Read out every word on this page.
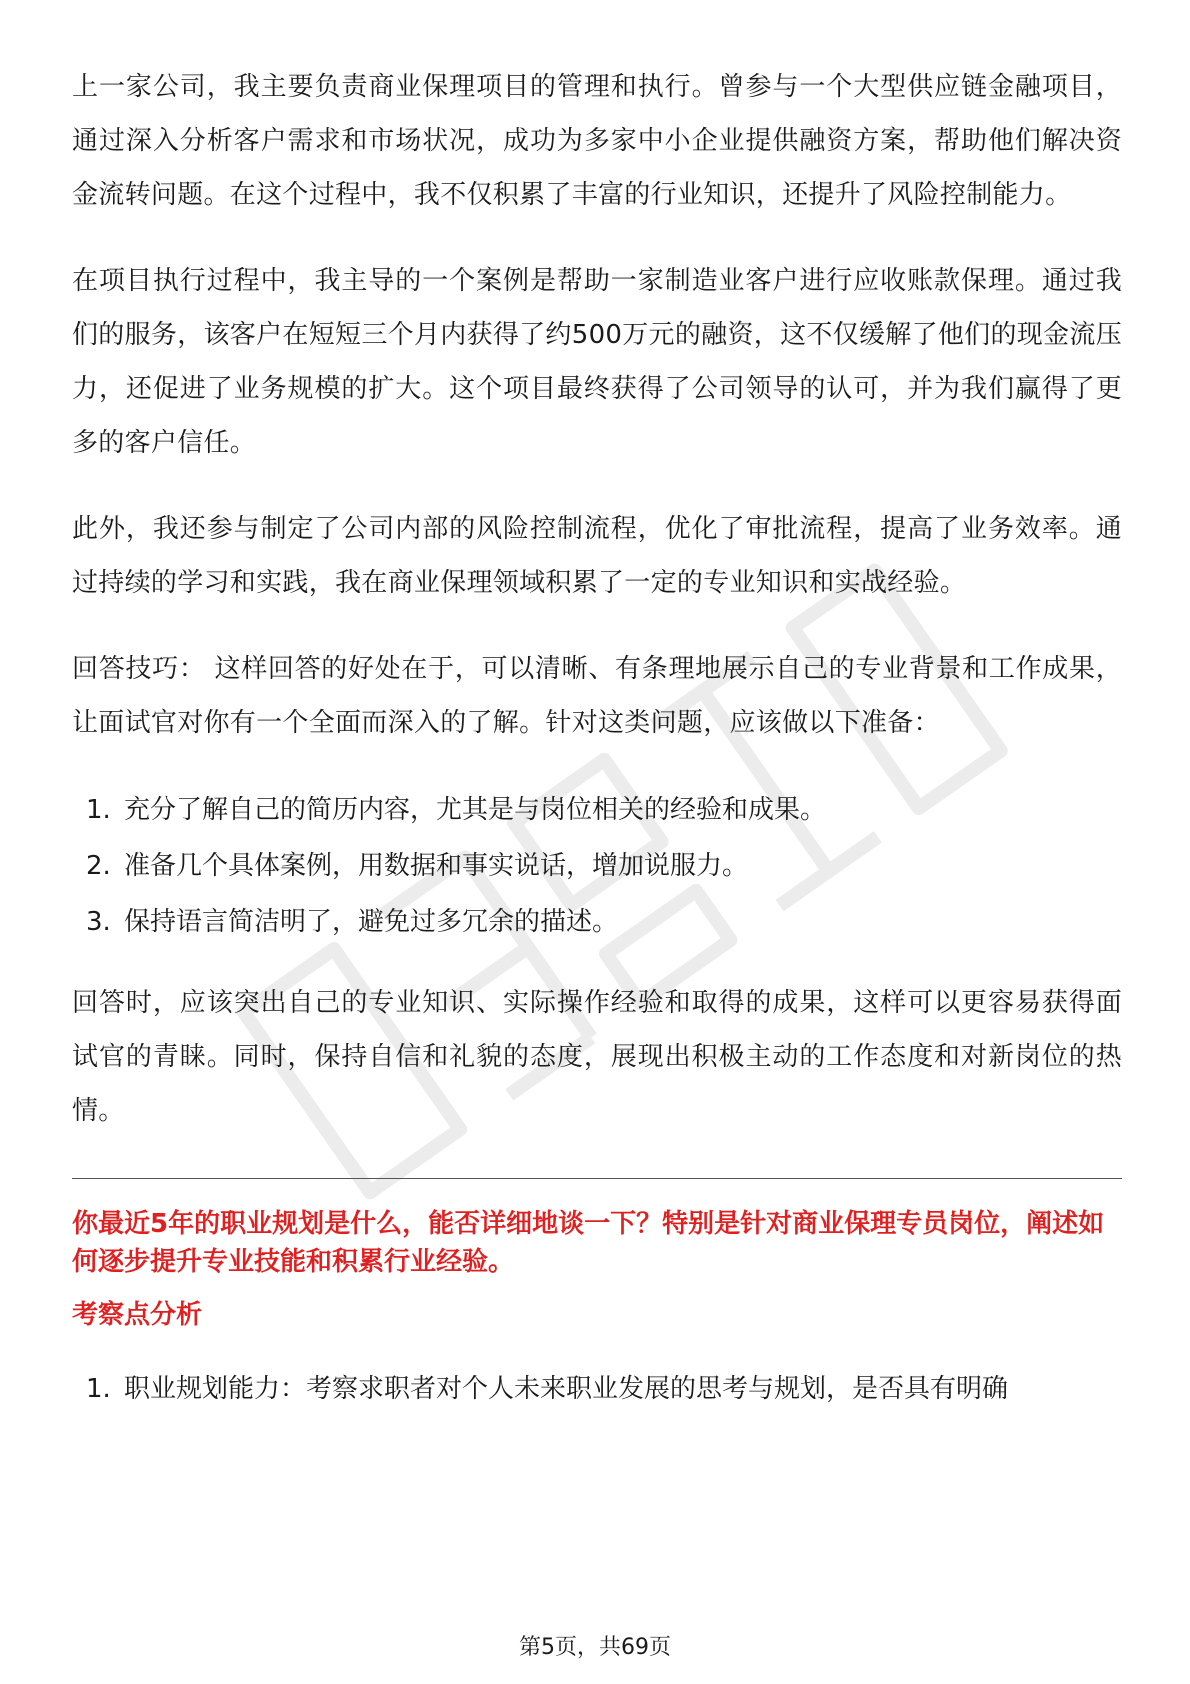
上一家公司，我主要负责商业保理项目的管理和执行。曾参与一个大型供应链金融项目，通过深入分析客户需求和市场状况，成功为多家中小企业提供融资方案，帮助他们解决资金流转问题。在这个过程中，我不仅积累了丰富的行业知识，还提升了风险控制能力。

在项目执行过程中，我主导的一个案例是帮助一家制造业客户进行应收账款保理。通过我们的服务，该客户在短短三个月内获得了约500万元的融资，这不仅缓解了他们的现金流压力，还促进了业务规模的扩大。这个项目最终获得了公司领导的认可，并为我们赢得了更多的客户信任。

此外，我还参与制定了公司内部的风险控制流程，优化了审批流程，提高了业务效率。通过持续的学习和实践，我在商业保理领域积累了一定的专业知识和实战经验。

回答技巧： 这样回答的好处在于，可以清晰、有条理地展示自己的专业背景和工作成果，让面试官对你有一个全面而深入的了解。针对这类问题，应该做以下准备：

1. 充分了解自己的简历内容，尤其是与岗位相关的经验和成果。
2. 准备几个具体案例，用数据和事实说话，增加说服力。
3. 保持语言简洁明了，避免过多冗余的描述。

回答时，应该突出自己的专业知识、实际操作经验和取得的成果，这样可以更容易获得面试官的青睐。同时，保持自信和礼貌的态度，展现出积极主动的工作态度和对新岗位的热情。

你最近5年的职业规划是什么，能否详细地谈一下？特别是针对商业保理专员岗位，阐述如何逐步提升专业技能和积累行业经验。

考察点分析

1. 职业规划能力：考察求职者对个人未来职业发展的思考与规划，是否具有明确
第5页，共69页
